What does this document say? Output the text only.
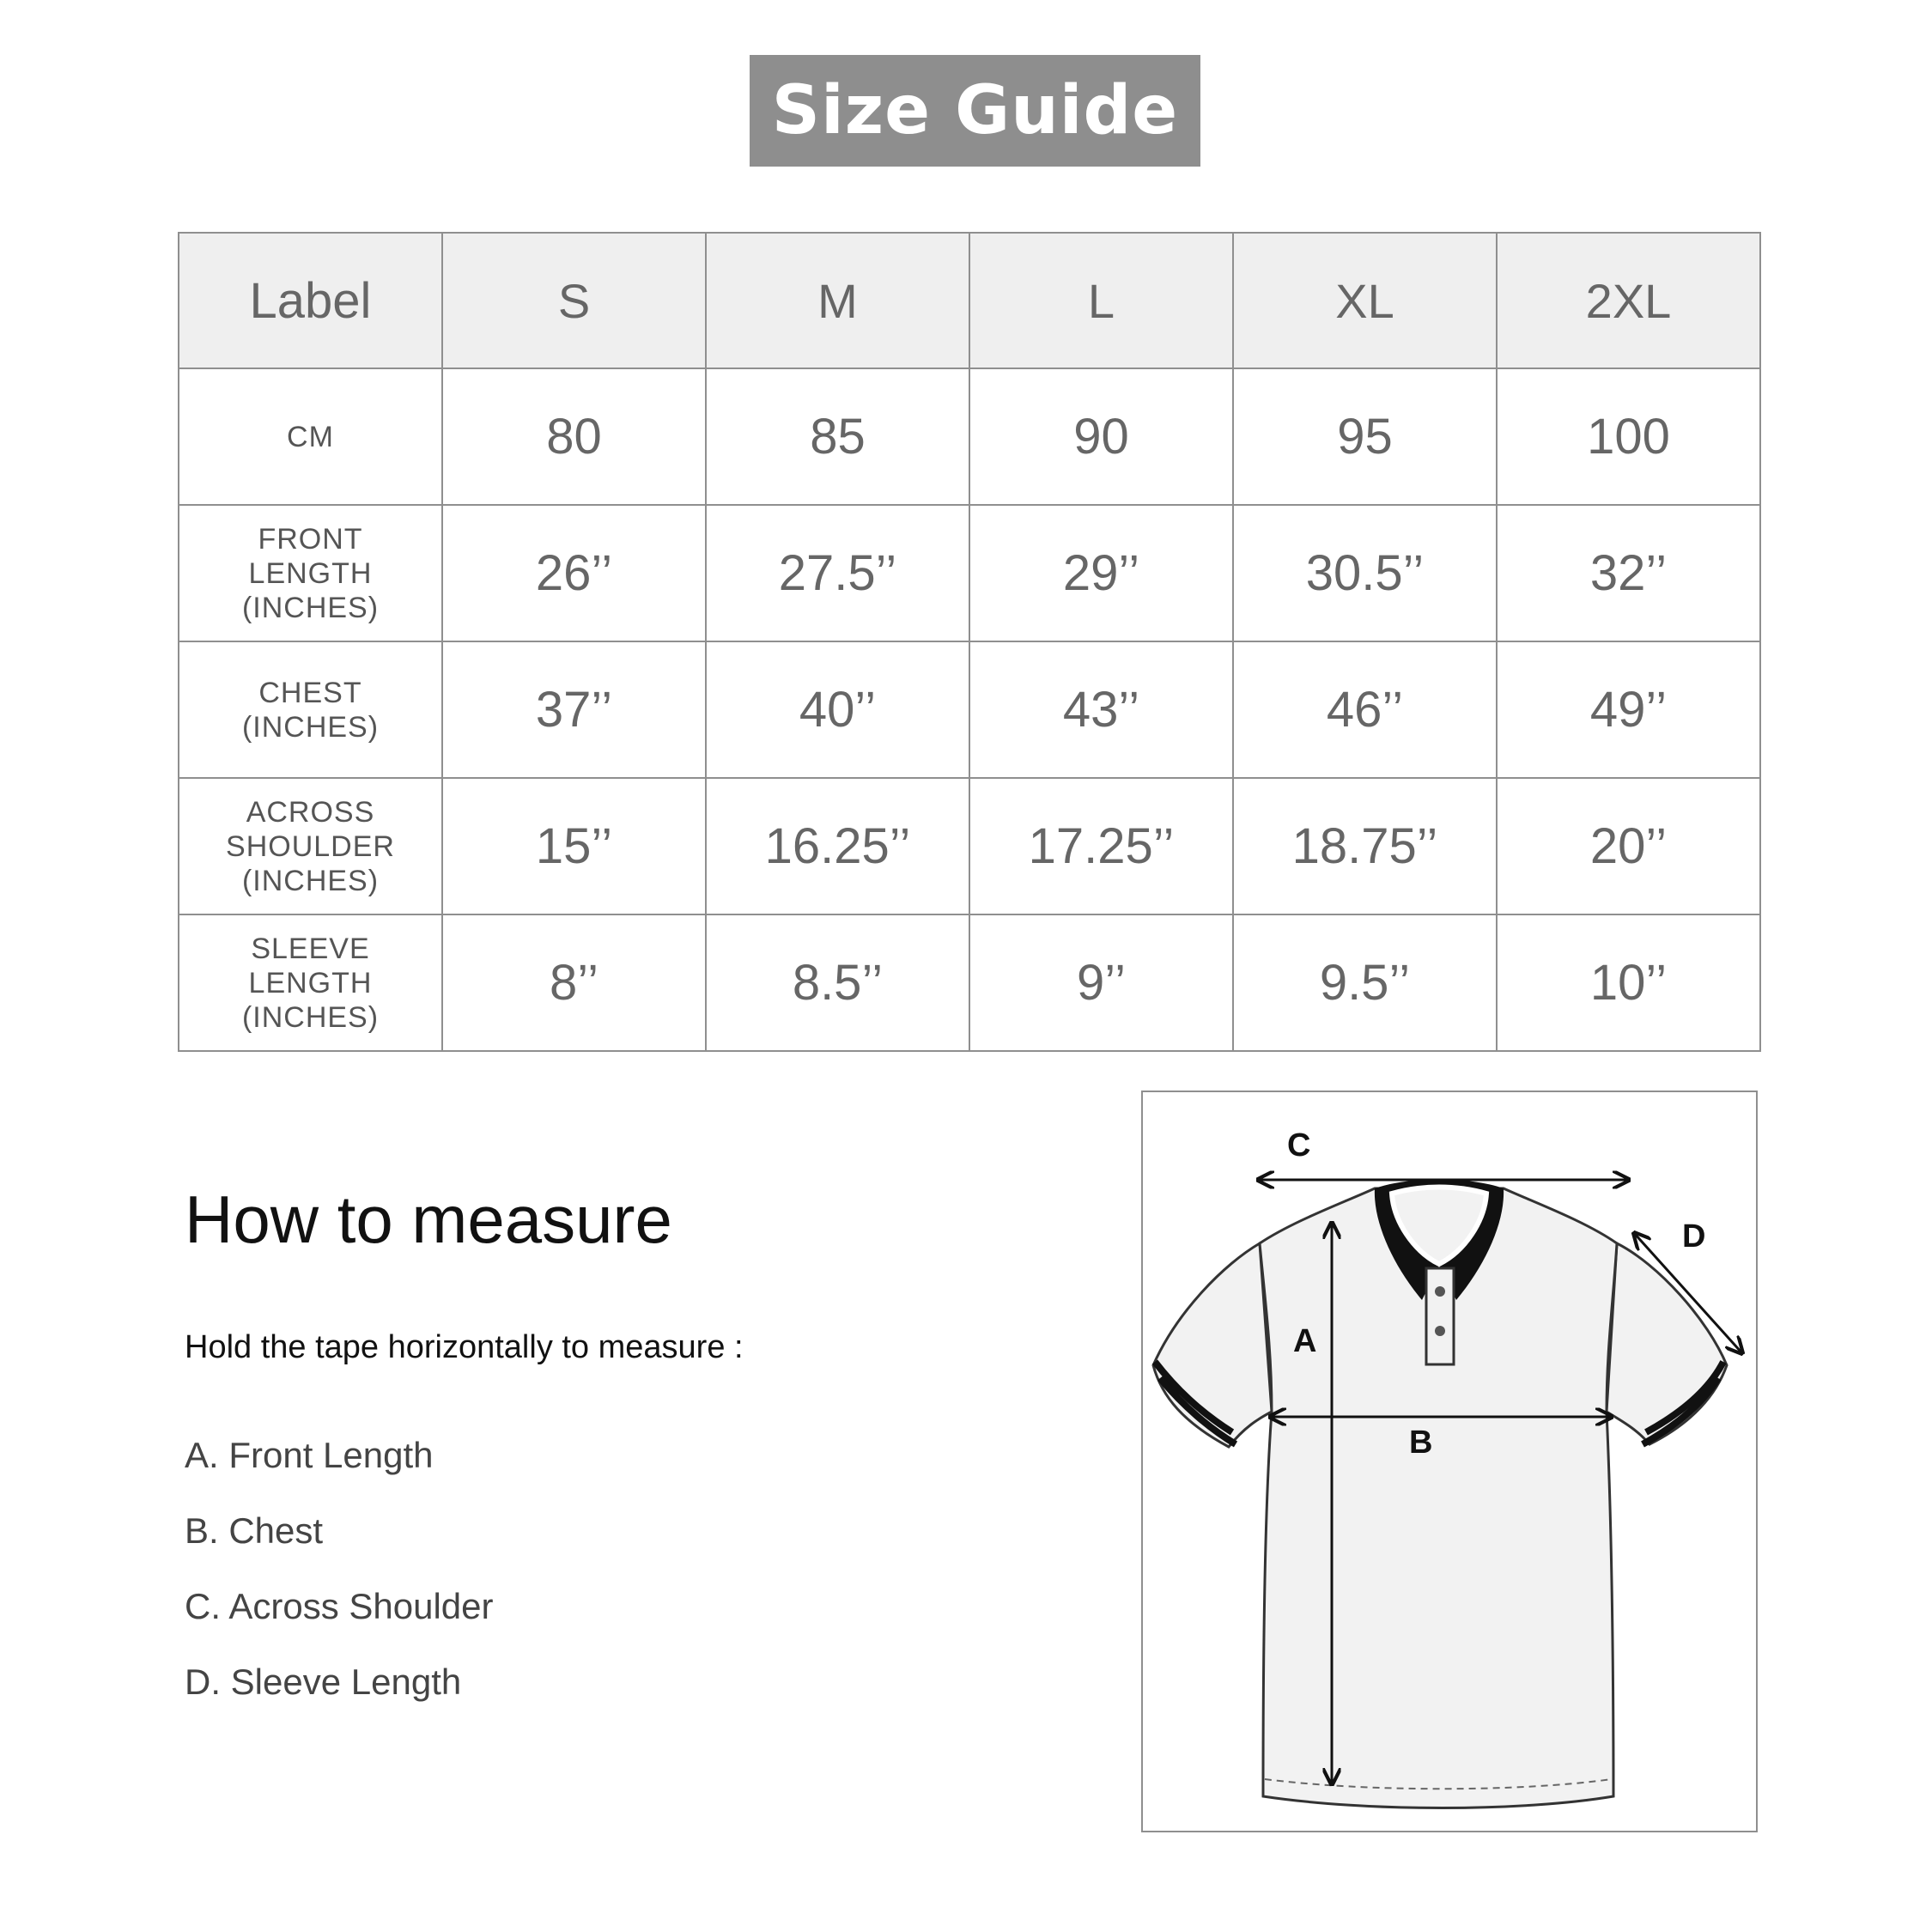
Size Guide
Label	S	M	L	XL	2XL

CM	80	85	90	95	100

FRONT
LENGTH
(INCHES)	26’’	27.5’’	29’’	30.5’’	32’’

CHEST
(INCHES)	37’’	40’’	43’’	46’’	49’’

ACROSS
SHOULDER
(INCHES)	15’’	16.25’’	17.25’’	18.75’’	20’’

SLEEVE
LENGTH
(INCHES)	8’’	8.5’’	9’’	9.5’’	10’’
How to measure
Hold the tape horizontally to measure :
A. Front Length
B. Chest
C. Across Shoulder
D. Sleeve Length
A
B
C
D
